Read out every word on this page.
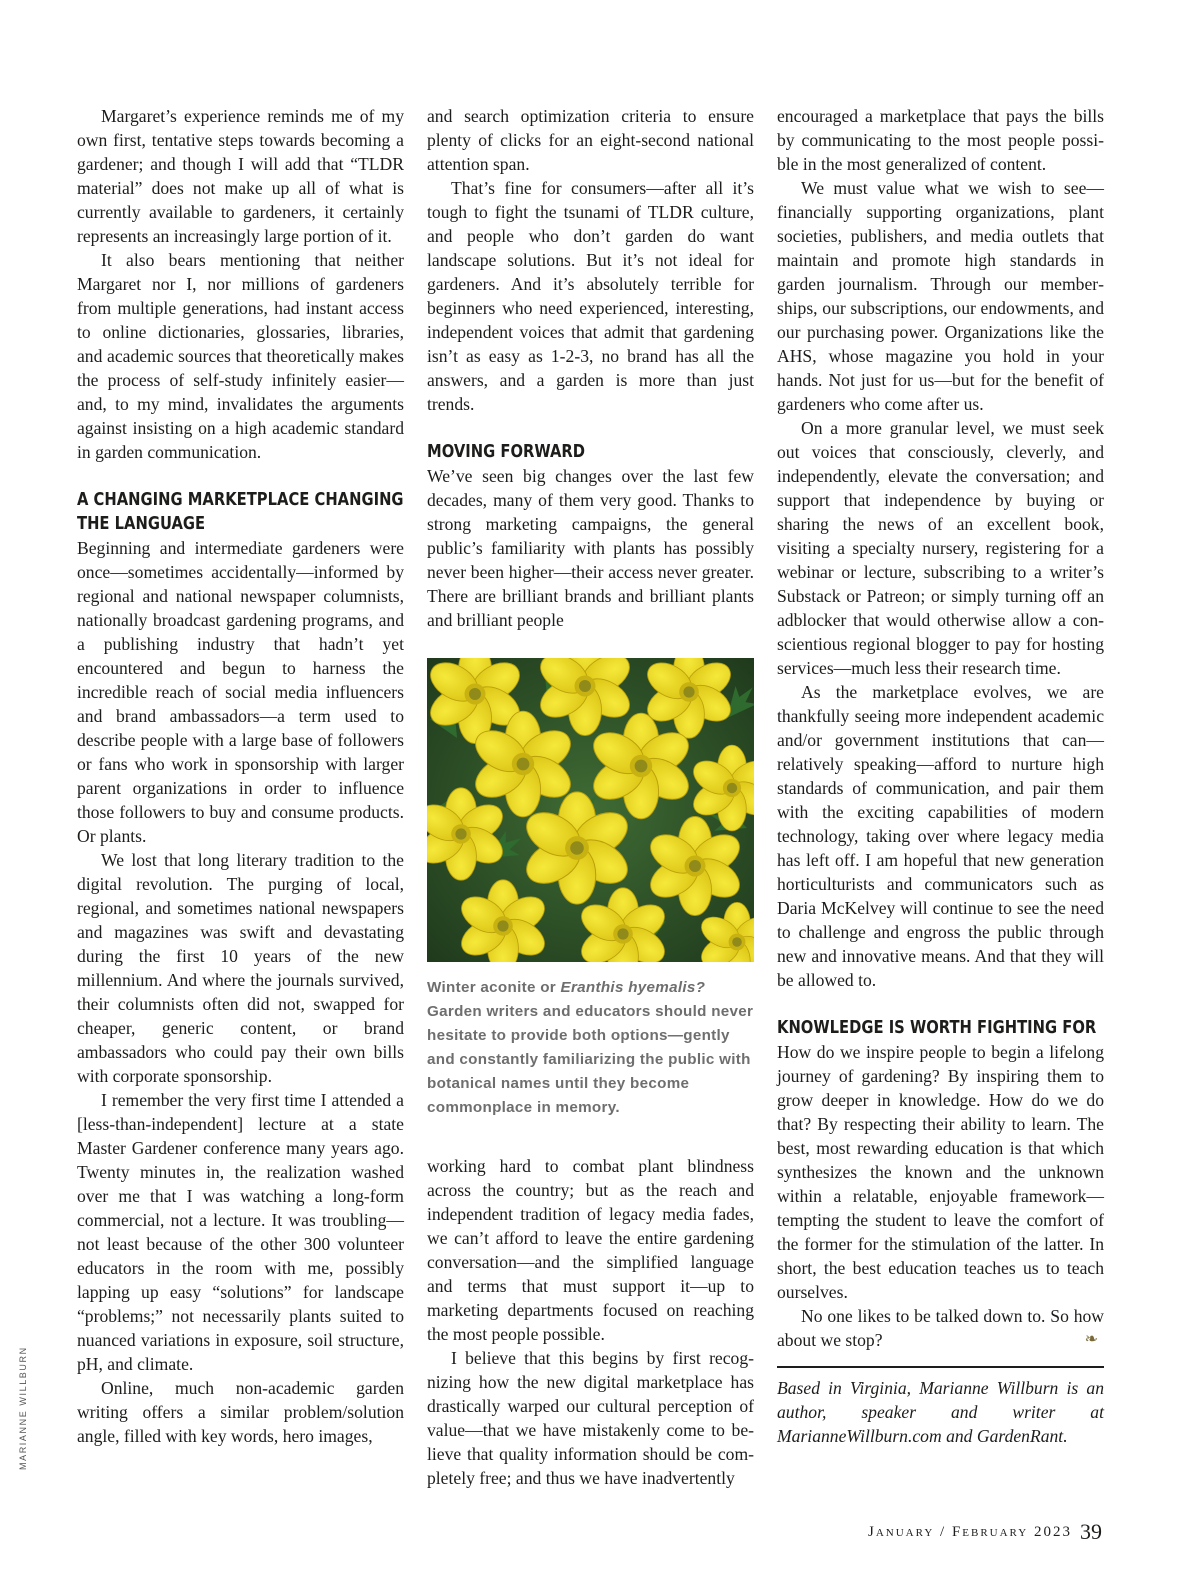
Margaret’s experience reminds me of my own first, tentative steps towards becoming a gardener; and though I will add that “TLDR material” does not make up all of what is currently available to gardeners, it certainly represents an increasingly large portion of it.

It also bears mentioning that neither Margaret nor I, nor millions of gardeners from multiple generations, had instant access to online dictionaries, glossaries, libraries, and academic sources that theoretically makes the process of self-study infinitely easier—and, to my mind, invalidates the arguments against insisting on a high academic standard in garden communication.

A CHANGING MARKETPLACE CHANGING THE LANGUAGE

Beginning and intermediate gardeners were once—sometimes accidentally—informed by regional and national newspaper columnists, nationally broadcast gardening programs, and a publishing industry that hadn’t yet encountered and begun to harness the incredible reach of social media influencers and brand ambassadors—a term used to describe people with a large base of followers or fans who work in sponsorship with larger parent organizations in order to influence those followers to buy and consume products. Or plants.

We lost that long literary tradition to the digital revolution. The purging of local, regional, and sometimes national newspapers and magazines was swift and devastating during the first 10 years of the new millennium. And where the journals survived, their columnists often did not, swapped for cheaper, generic content, or brand ambassadors who could pay their own bills with corporate sponsorship.

I remember the very first time I attended a [less-than-independent] lecture at a state Master Gardener conference many years ago. Twenty minutes in, the realization washed over me that I was watching a long-form commercial, not a lecture. It was troubling—not least because of the other 300 volunteer educators in the room with me, possibly lapping up easy “solutions” for landscape “problems;” not necessarily plants suited to nuanced variations in exposure, soil structure, pH, and climate.

Online, much non-academic garden writing offers a similar problem/solution angle, filled with key words, hero images,

and search optimization criteria to ensure plenty of clicks for an eight-second national attention span.

That’s fine for consumers—after all it’s tough to fight the tsunami of TLDR culture, and people who don’t garden do want landscape solutions. But it’s not ideal for gardeners. And it’s absolutely terrible for beginners who need experienced, interesting, independent voices that admit that gardening isn’t as easy as 1-2-3, no brand has all the answers, and a garden is more than just trends.

MOVING FORWARD

We’ve seen big changes over the last few decades, many of them very good. Thanks to strong marketing campaigns, the general public’s familiarity with plants has possibly never been higher—their access never greater. There are brilliant brands and brilliant plants and brilliant people

Winter aconite or Eranthis hyemalis? Garden writers and educators should never hesitate to provide both options—gently and constantly familiarizing the public with botanical names until they become commonplace in memory.

working hard to combat plant blindness across the country; but as the reach and independent tradition of legacy media fades, we can’t afford to leave the entire gardening conversation—and the simplified language and terms that must support it—up to marketing departments focused on reaching the most people possible.

I believe that this begins by first recognizing how the new digital marketplace has drastically warped our cultural perception of value—that we have mistakenly come to believe that quality information should be completely free; and thus we have inadvertently

encouraged a marketplace that pays the bills by communicating to the most people possible in the most generalized of content.

We must value what we wish to see—financially supporting organizations, plant societies, publishers, and media outlets that maintain and promote high standards in garden journalism. Through our memberships, our subscriptions, our endowments, and our purchasing power. Organizations like the AHS, whose magazine you hold in your hands. Not just for us—but for the benefit of gardeners who come after us.

On a more granular level, we must seek out voices that consciously, cleverly, and independently, elevate the conversation; and support that independence by buying or sharing the news of an excellent book, visiting a specialty nursery, registering for a webinar or lecture, subscribing to a writer’s Substack or Patreon; or simply turning off an adblocker that would otherwise allow a conscientious regional blogger to pay for hosting services—much less their research time.

As the marketplace evolves, we are thankfully seeing more independent academic and/or government institutions that can—relatively speaking—afford to nurture high standards of communication, and pair them with the exciting capabilities of modern technology, taking over where legacy media has left off. I am hopeful that new generation horticulturists and communicators such as Daria McKelvey will continue to see the need to challenge and engross the public through new and innovative means. And that they will be allowed to.

KNOWLEDGE IS WORTH FIGHTING FOR

How do we inspire people to begin a lifelong journey of gardening? By inspiring them to grow deeper in knowledge. How do we do that? By respecting their ability to learn. The best, most rewarding education is that which synthesizes the known and the unknown within a relatable, enjoyable framework—tempting the student to leave the comfort of the former for the stimulation of the latter. In short, the best education teaches us to teach ourselves.

No one likes to be talked down to. So how about we stop?	❧

Based in Virginia, Marianne Willburn is an author, speaker and writer at MarianneWillburn.com and GardenRant.

MARIANNE WILLBURN
January / February 2023 39
